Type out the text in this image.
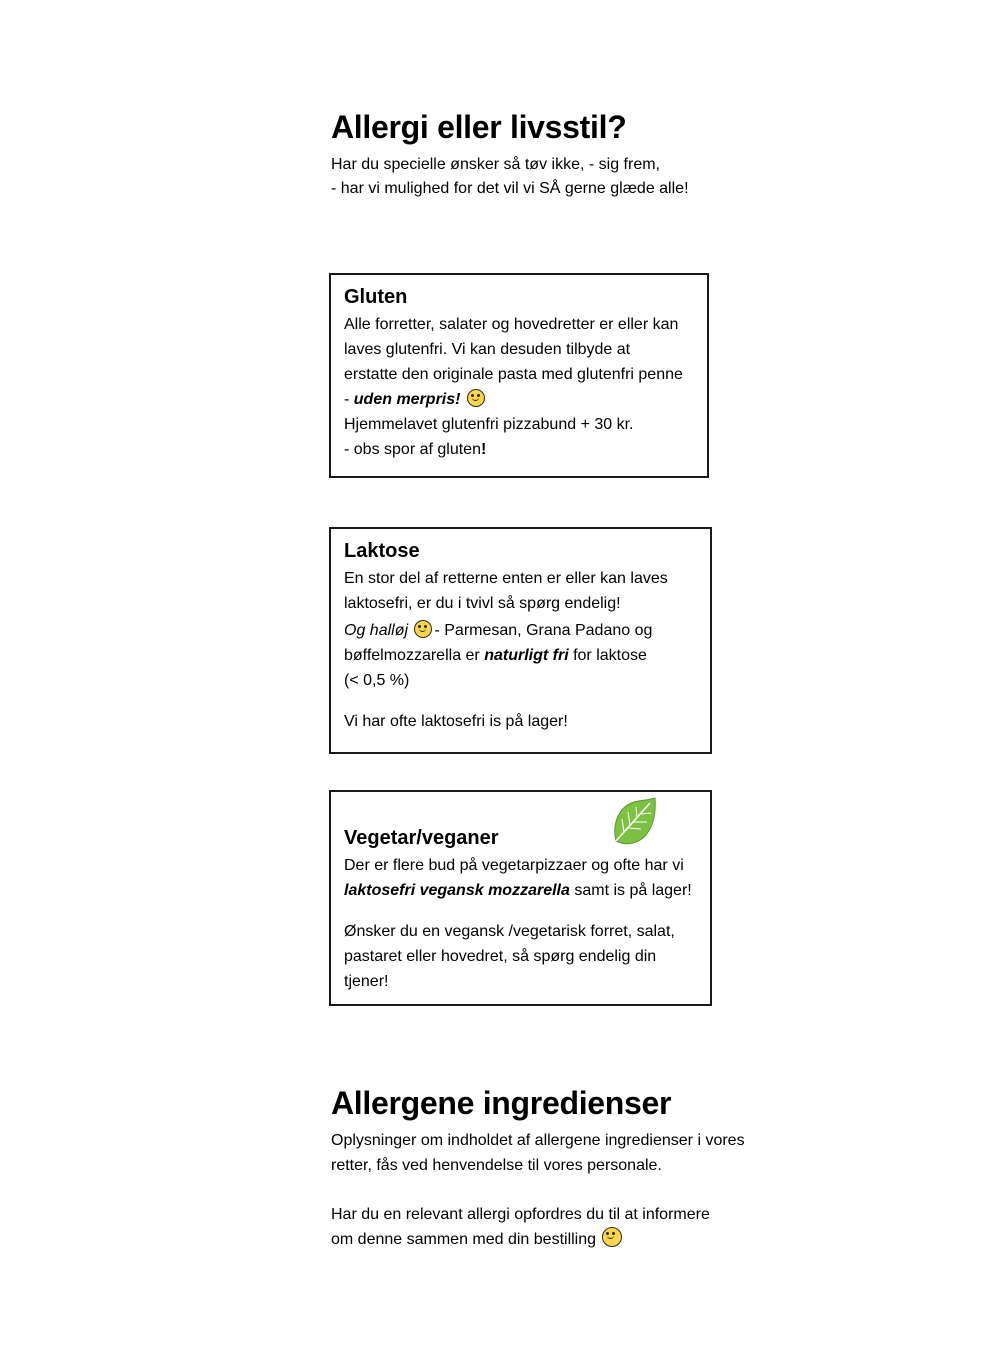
Allergi eller livsstil?
Har du specielle ønsker så tøv ikke, - sig frem,
- har vi mulighed for det vil vi SÅ gerne glæde alle!
Gluten
Alle forretter, salater og hovedretter er eller kan
laves glutenfri. Vi kan desuden tilbyde at
erstatte den originale pasta med glutenfri penne
- uden merpris!
Hjemmelavet glutenfri pizzabund + 30 kr.
- obs spor af gluten!
Laktose
En stor del af retterne enten er eller kan laves
laktosefri, er du i tvivl så spørg endelig!
Og halløj - Parmesan, Grana Padano og
bøffelmozzarella er naturligt fri for laktose
(< 0,5 %)
Vi har ofte laktosefri is på lager!
Vegetar/veganer
Der er flere bud på vegetarpizzaer og ofte har vi
laktosefri vegansk mozzarella samt is på lager!
Ønsker du en vegansk /vegetarisk forret, salat,
pastaret eller hovedret, så spørg endelig din
tjener!
Allergene ingredienser
Oplysninger om indholdet af allergene ingredienser i vores
retter, fås ved henvendelse til vores personale.
Har du en relevant allergi opfordres du til at informere
om denne sammen med din bestilling
